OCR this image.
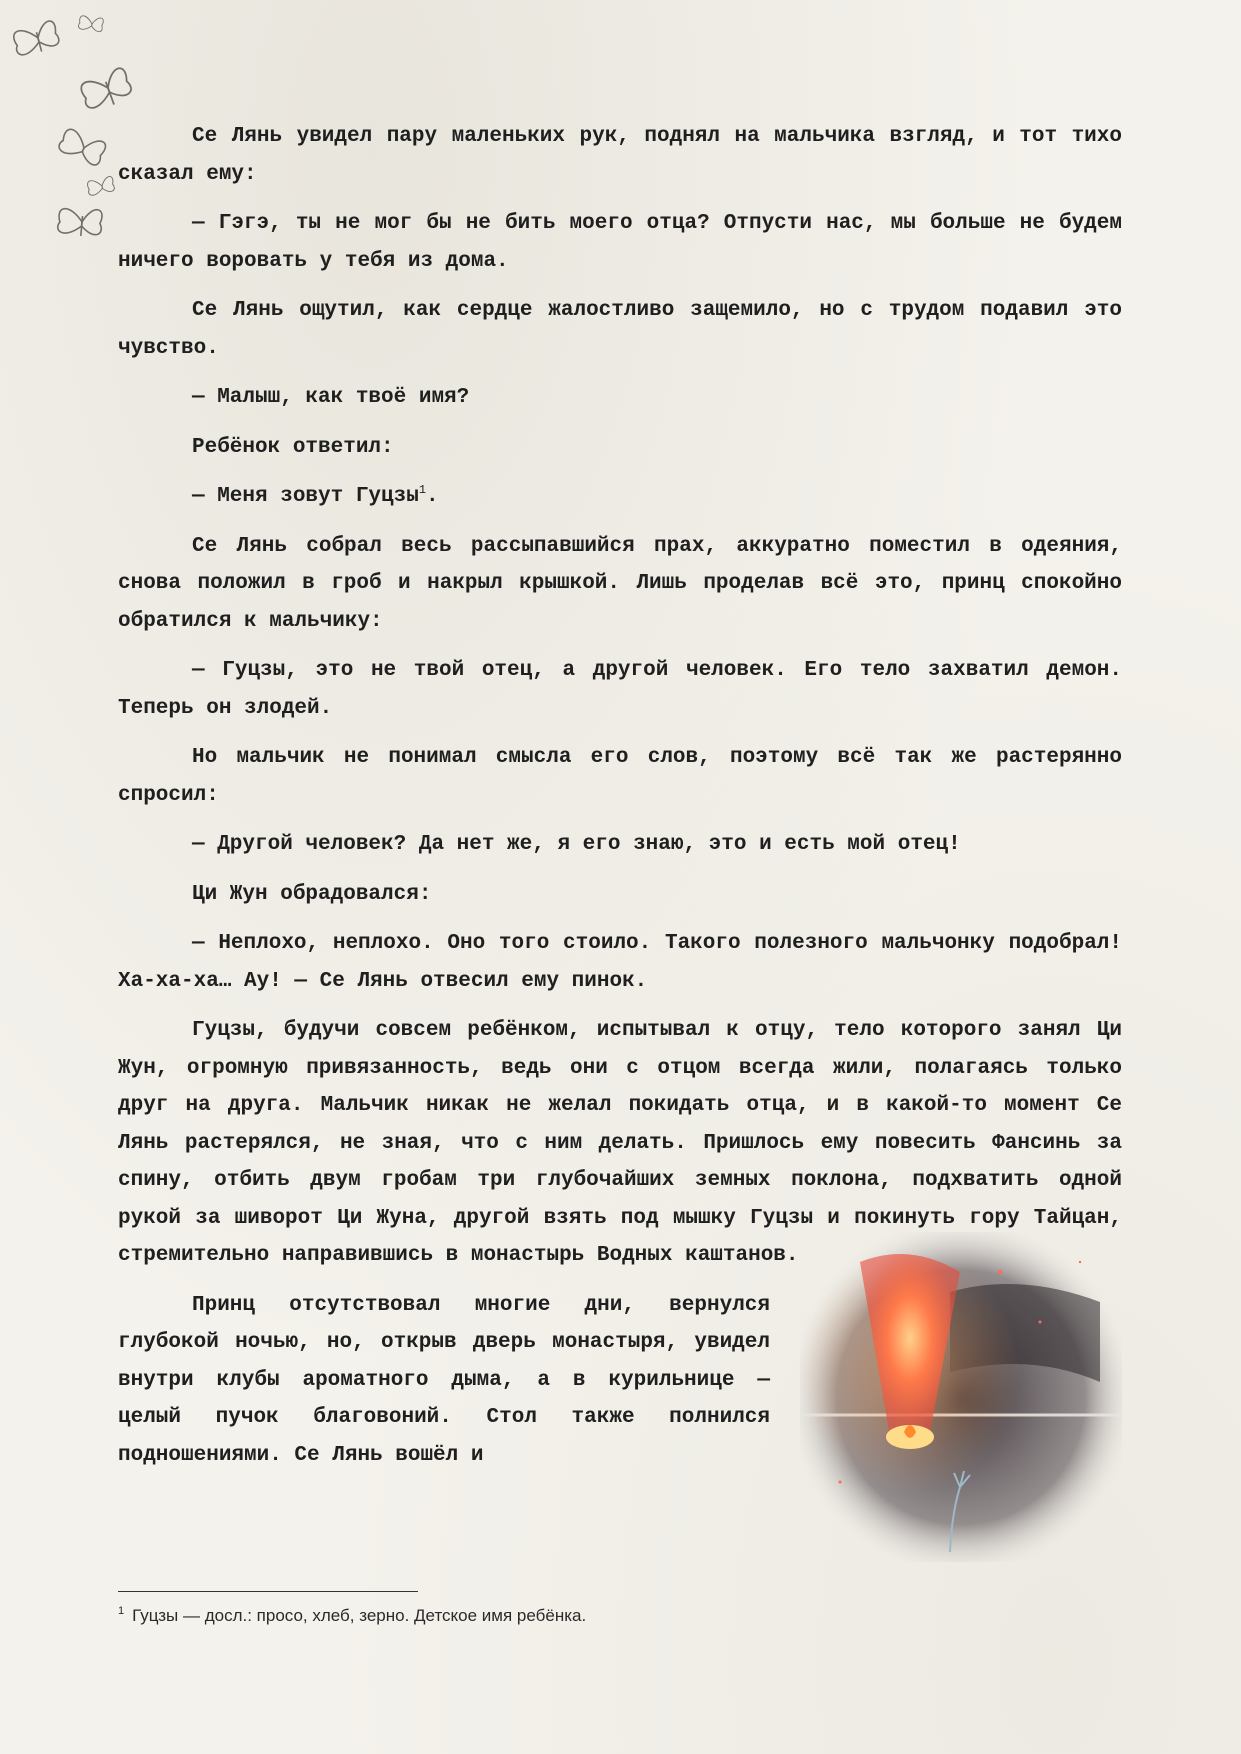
Се Лянь увидел пару маленьких рук, поднял на мальчика взгляд, и тот тихо сказал ему:

— Гэгэ, ты не мог бы не бить моего отца? Отпусти нас, мы больше не будем ничего воровать у тебя из дома.

Се Лянь ощутил, как сердце жалостливо защемило, но с трудом подавил это чувство.

— Малыш, как твоё имя?

Ребёнок ответил:

— Меня зовут Гуцзы$^1$.

Се Лянь собрал весь рассыпавшийся прах, аккуратно поместил в одеяния, снова положил в гроб и накрыл крышкой. Лишь проделав всё это, принц спокойно обратился к мальчику:

— Гуцзы, это не твой отец, а другой человек. Его тело захватил демон. Теперь он злодей.

Но мальчик не понимал смысла его слов, поэтому всё так же растерянно спросил:

— Другой человек? Да нет же, я его знаю, это и есть мой отец!

Ци Жун обрадовался:

— Неплохо, неплохо. Оно того стоило. Такого полезного мальчонку подобрал! Ха-ха-ха… Ау! — Се Лянь отвесил ему пинок.

Гуцзы, будучи совсем ребёнком, испытывал к отцу, тело которого занял Ци Жун, огромную привязанность, ведь они с отцом всегда жили, полагаясь только друг на друга. Мальчик никак не желал покидать отца, и в какой-то момент Се Лянь растерялся, не зная, что с ним делать. Пришлось ему повесить Фансинь за спину, отбить двум гробам три глубочайших земных поклона, подхватить одной рукой за шиворот Ци Жуна, другой взять под мышку Гуцзы и покинуть гору Тайцан, стремительно направившись в монастырь Водных каштанов.

Принц отсутствовал многие дни, вернулся глубокой ночью, но, открыв дверь монастыря, увидел внутри клубы ароматного дыма, а в курильнице — целый пучок благовоний. Стол также полнился подношениями. Се Лянь вошёл и

$^1$ Гуцзы — досл.: просо, хлеб, зерно. Детское имя ребёнка.
